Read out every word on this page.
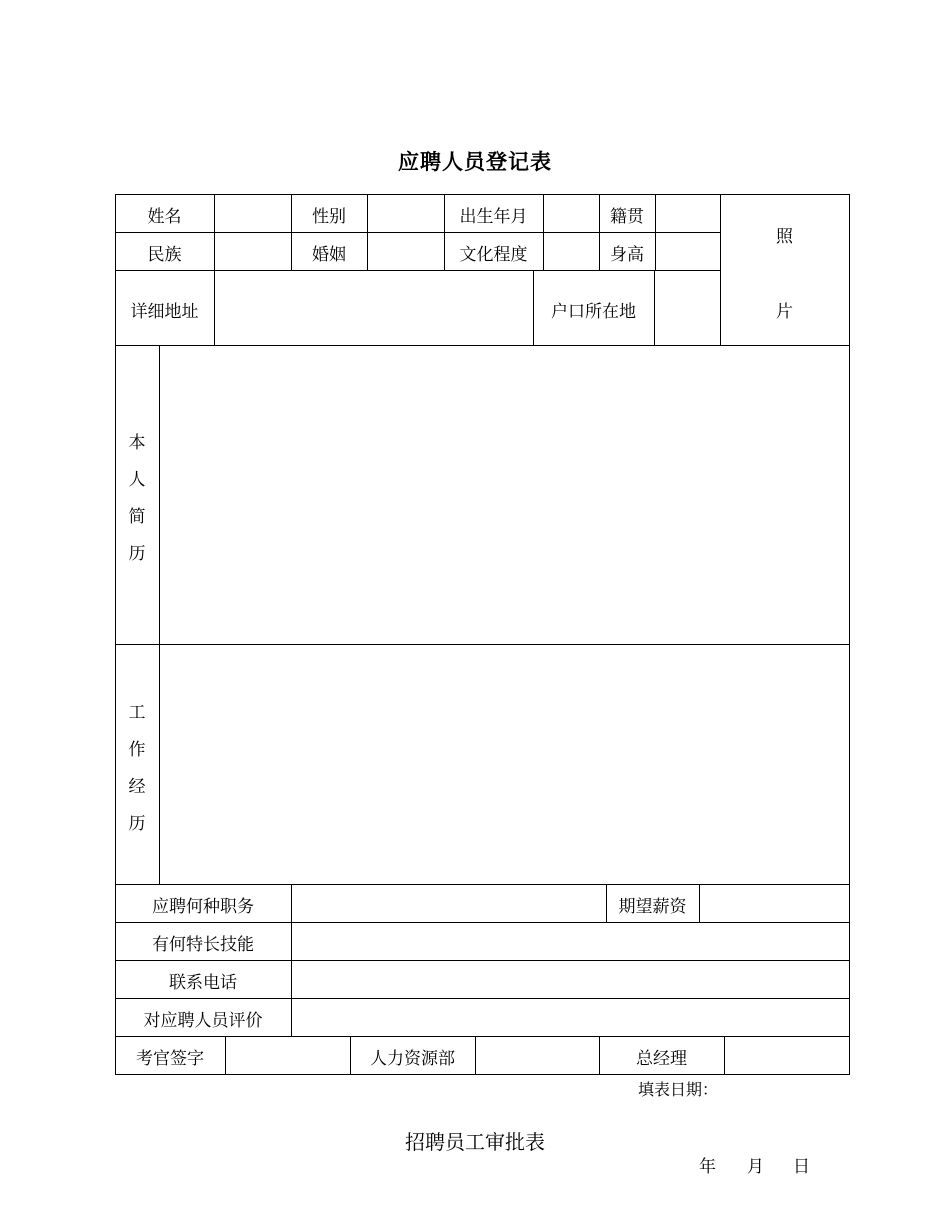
应聘人员登记表
姓名	性别	出生年月	籍贯
民族	婚姻	文化程度	身高
照
片
详细地址	户口所在地
本
人
简
历
工
作
经
历
应聘何种职务	期望薪资
有何特长技能
联系电话
对应聘人员评价
考官签字	人力资源部	总经理
填表日期：
招聘员工审批表
年 月 日
